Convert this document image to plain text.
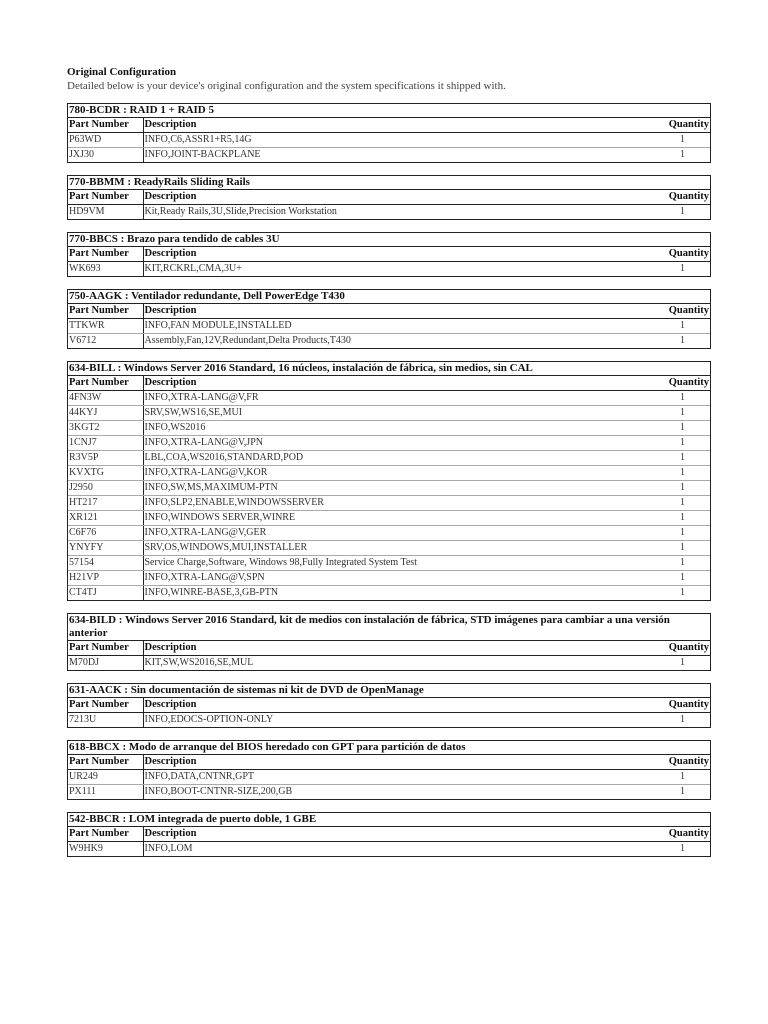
Original Configuration
Detailed below is your device's original configuration and the system specifications it shipped with.
780-BCDR : RAID 1 + RAID 5
Part Number	Description	Quantity
P63WD	INFO,C6,ASSR1+R5,14G	1
JXJ30	INFO,JOINT-BACKPLANE	1
770-BBMM : ReadyRails Sliding Rails
Part Number	Description	Quantity
HD9VM	Kit,Ready Rails,3U,Slide,Precision Workstation	1
770-BBCS : Brazo para tendido de cables 3U
Part Number	Description	Quantity
WK693	KIT,RCKRL,CMA,3U+	1
750-AAGK : Ventilador redundante, Dell PowerEdge T430
Part Number	Description	Quantity
TTKWR	INFO,FAN MODULE,INSTALLED	1
V6712	Assembly,Fan,12V,Redundant,Delta Products,T430	1
634-BILL : Windows Server 2016 Standard, 16 núcleos, instalación de fábrica, sin medios, sin CAL
Part Number	Description	Quantity
4FN3W	INFO,XTRA-LANG@V,FR	1
44KYJ	SRV,SW,WS16,SE,MUI	1
3KGT2	INFO,WS2016	1
1CNJ7	INFO,XTRA-LANG@V,JPN	1
R3V5P	LBL,COA,WS2016,STANDARD,POD	1
KVXTG	INFO,XTRA-LANG@V,KOR	1
J2950	INFO,SW,MS,MAXIMUM-PTN	1
HT217	INFO,SLP2,ENABLE,WINDOWSSERVER	1
XR121	INFO,WINDOWS SERVER,WINRE	1
C6F76	INFO,XTRA-LANG@V,GER	1
YNYFY	SRV,OS,WINDOWS,MUI,INSTALLER	1
57154	Service Charge,Software, Windows 98,Fully Integrated System Test	1
H21VP	INFO,XTRA-LANG@V,SPN	1
CT4TJ	INFO,WINRE-BASE,3,GB-PTN	1
634-BILD : Windows Server 2016 Standard, kit de medios con instalación de fábrica, STD imágenes para cambiar a una versión anterior
Part Number	Description	Quantity
M70DJ	KIT,SW,WS2016,SE,MUL	1
631-AACK : Sin documentación de sistemas ni kit de DVD de OpenManage
Part Number	Description	Quantity
7213U	INFO,EDOCS-OPTION-ONLY	1
618-BBCX : Modo de arranque del BIOS heredado con GPT para partición de datos
Part Number	Description	Quantity
UR249	INFO,DATA,CNTNR,GPT	1
PX111	INFO,BOOT-CNTNR-SIZE,200,GB	1
542-BBCR : LOM integrada de puerto doble, 1 GBE
Part Number	Description	Quantity
W9HK9	INFO,LOM	1
